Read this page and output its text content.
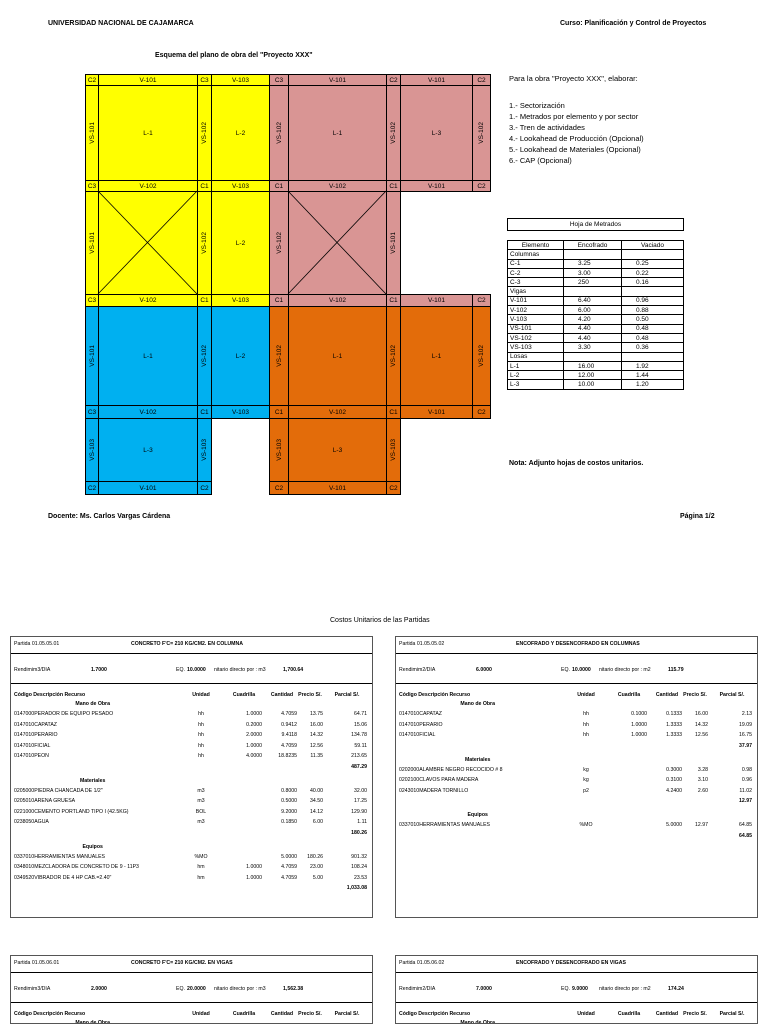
UNIVERSIDAD NACIONAL DE CAJAMARCA	Curso: Planificación y Control de Proyectos
Esquema del plano de obra del "Proyecto XXX"
C2	V-101	C3	V-103	C3	V-101	C2	V-101	C2
C3	V-102	C1	V-103	C1	V-102	C1	V-101	C2
C3	V-102	C1	V-103	C1	V-102	C1	V-101	C2
C3	V-102	C1	V-103	C1	V-102	C1	V-101	C2
C2	V-101	C2	C2	V-101	C2
VS-101	L-1	VS-102	L-2	VS-102	L-1	VS-102	L-3	VS-102
VS-101	VS-102	L-2	VS-102	VS-101
VS-101	L-1	VS-102	L-2	VS-102	L-1	VS-102	L-1	VS-102
VS-103	L-3	VS-103	VS-103	L-3	VS-103
Para la obra "Proyecto XXX", elaborar:
1.- Sectorización
1.- Metrados por elemento y por sector
3.- Tren de actividades
4.- Lookahead de Producción (Opcional)
5.- Lookahead de Materiales (Opcional)
6.- CAP (Opcional)
Hoja de Metrados		

Elemento	Encofrado	Vaciado
Columnas		
C-1	3.25	0.25
C-2	3.00	0.22
C-3	250	0.16
Vigas		
V-101	6.40	0.96
V-102	6.00	0.88
V-103	4.20	0.50
VS-101	4.40	0.48
VS-102	4.40	0.48
VS-103	3.30	0.36
Losas		
L-1	16.00	1.92
L-2	12.00	1.44
L-3	10.00	1.20
Nota: Adjunto hojas de costos unitarios.
Docente: Ms. Carlos Vargas Cárdena	Página 1/2
Costos Unitarios de las Partidas
Partida 01.05.05.01	CONCRETO F'C= 210 KG/CM2. EN COLUMNA
Rendimim3/DIA	1.7000	EQ. 10.0000 nitario directo por : m3	1,700.64
Código Descripción Recurso	Unidad	Cuadrilla	Cantidad Precio S/.	Parcial S/.
Mano de Obra
0147000PERADOR DE EQUIPO PESADO	hh	1.0000	4.7059	13.75	64.71
0147010CAPATAZ	hh	0.2000	0.9412	16.00	15.06
0147010PERARIO	hh	2.0000	9.4118	14.32	134.78
0147010FICIAL	hh	1.0000	4.7059	12.56	59.11
0147010PEON	hh	4.0000	18.8235	11.35	213.65
487.29
Materiales
0205000PIEDRA CHANCADA DE 1/2"	m3	0.8000	40.00	32.00
0205010ARENA GRUESA	m3	0.5000	34.50	17.25
0221000CEMENTO PORTLAND TIPO I (42.5KG)	BOL	9.2000	14.12	129.90
0238050AGUA	m3	0.1850	6.00	1.11
180.26
Equipos
0337010HERRAMIENTAS MANUALES	%MO	5.0000	180.26	901.32
0348010MEZCLADORA DE CONCRETO DE 9 - 11P3	hm	1.0000	4.7059	23.00	108.24
0349520VIBRADOR DE 4 HP CAB.=2.40"	hm	1.0000	4.7059	5.00	23.53
1,033.08
Partida 01.05.05.02	ENCOFRADO Y DESENCOFRADO EN COLUMNAS
Rendimim2/DIA	6.0000	EQ. 10.0000 nitario directo por : m2	115.79
Código Descripción Recurso	Unidad	Cuadrilla	Cantidad Precio S/.	Parcial S/.
Mano de Obra
0147010CAPATAZ	hh	0.1000	0.1333	16.00	2.13
0147010PERARIO	hh	1.0000	1.3333	14.32	19.09
0147010FICIAL	hh	1.0000	1.3333	12.56	16.75
37.97
Materiales
0202000ALAMBRE NEGRO RECOCIDO # 8	kg	0.3000	3.28	0.98
0202100CLAVOS PARA MADERA	kg	0.3100	3.10	0.96
0243010MADERA TORNILLO	p2	4.2400	2.60	11.02
12.97
Equipos
0337010HERRAMIENTAS MANUALES	%MO	5.0000	12.97	64.85
64.85
Partida 01.05.06.01	CONCRETO F'C= 210 KG/CM2. EN VIGAS
Rendimim3/DIA	2.0000	EQ. 20.0000 nitario directo por : m3	1,562.38
Código Descripción Recurso	Unidad	Cuadrilla	Cantidad Precio S/.	Parcial S/.
Mano de Obra
Partida 01.05.06.02	ENCOFRADO Y DESENCOFRADO EN VIGAS
Rendimim2/DIA	7.0000	EQ. 9.0000 nitario directo por : m2	174.24
Código Descripción Recurso	Unidad	Cuadrilla	Cantidad Precio S/.	Parcial S/.
Mano de Obra
